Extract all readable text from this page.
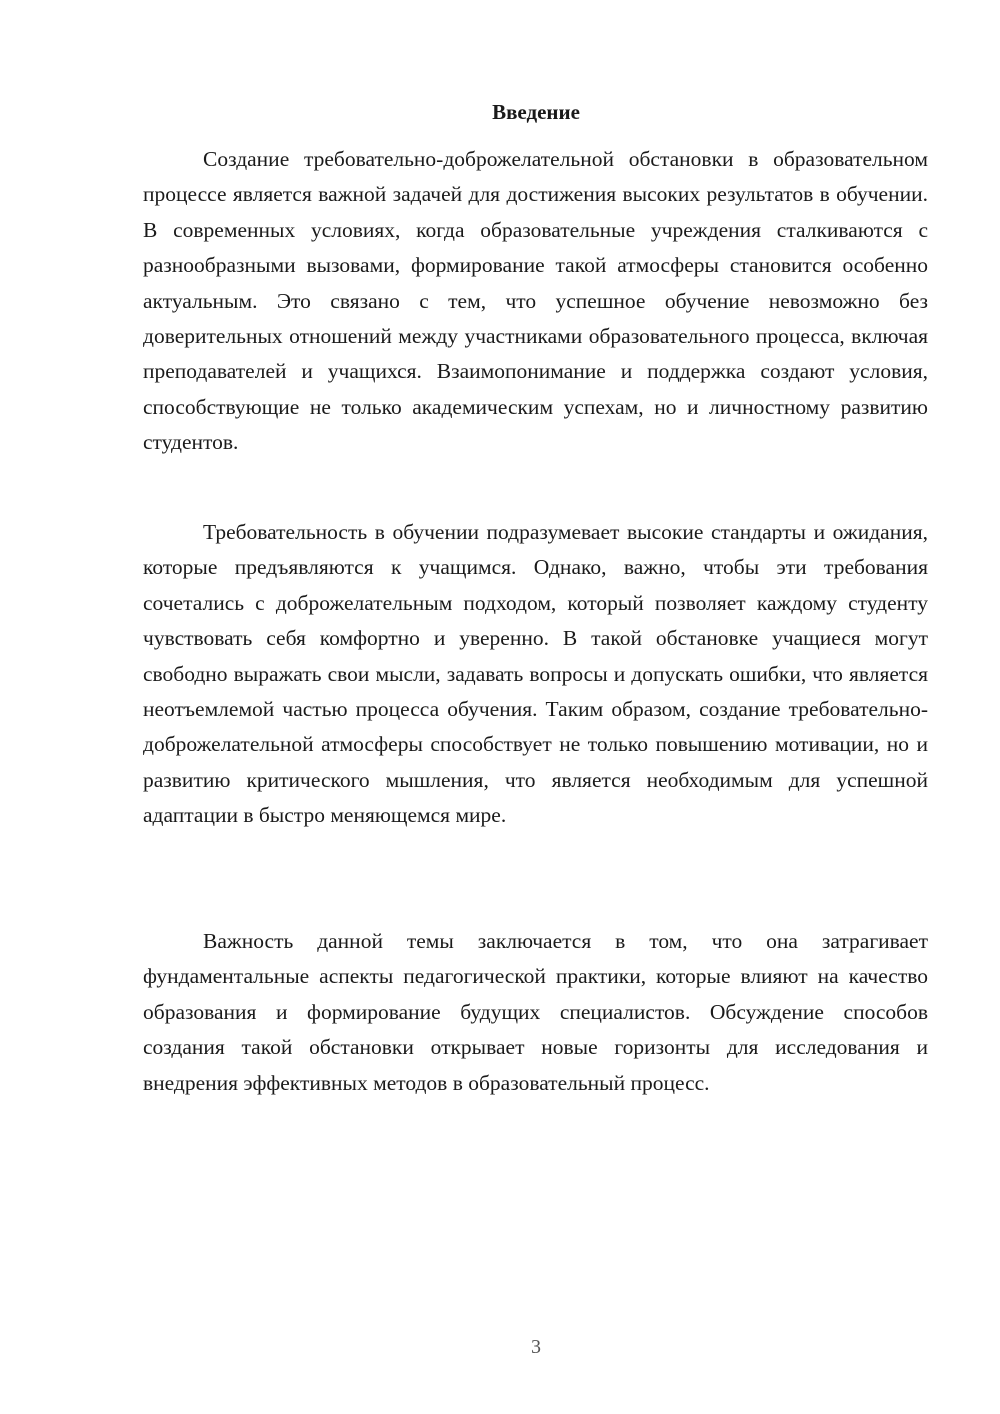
Введение

Создание требовательно-доброжелательной обстановки в образовательном процессе является важной задачей для достижения высоких результатов в обучении. В современных условиях, когда образовательные учреждения сталкиваются с разнообразными вызовами, формирование такой атмосферы становится особенно актуальным. Это связано с тем, что успешное обучение невозможно без доверительных отношений между участниками образовательного процесса, включая преподавателей и учащихся. Взаимопонимание и поддержка создают условия, способствующие не только академическим успехам, но и личностному развитию студентов.

Требовательность в обучении подразумевает высокие стандарты и ожидания, которые предъявляются к учащимся. Однако, важно, чтобы эти требования сочетались с доброжелательным подходом, который позволяет каждому студенту чувствовать себя комфортно и уверенно. В такой обстановке учащиеся могут свободно выражать свои мысли, задавать вопросы и допускать ошибки, что является неотъемлемой частью процесса обучения. Таким образом, создание требовательно-доброжелательной атмосферы способствует не только повышению мотивации, но и развитию критического мышления, что является необходимым для успешной адаптации в быстро меняющемся мире.

Важность данной темы заключается в том, что она затрагивает фундаментальные аспекты педагогической практики, которые влияют на качество образования и формирование будущих специалистов. Обсуждение способов создания такой обстановки открывает новые горизонты для исследования и внедрения эффективных методов в образовательный процесс.

3
